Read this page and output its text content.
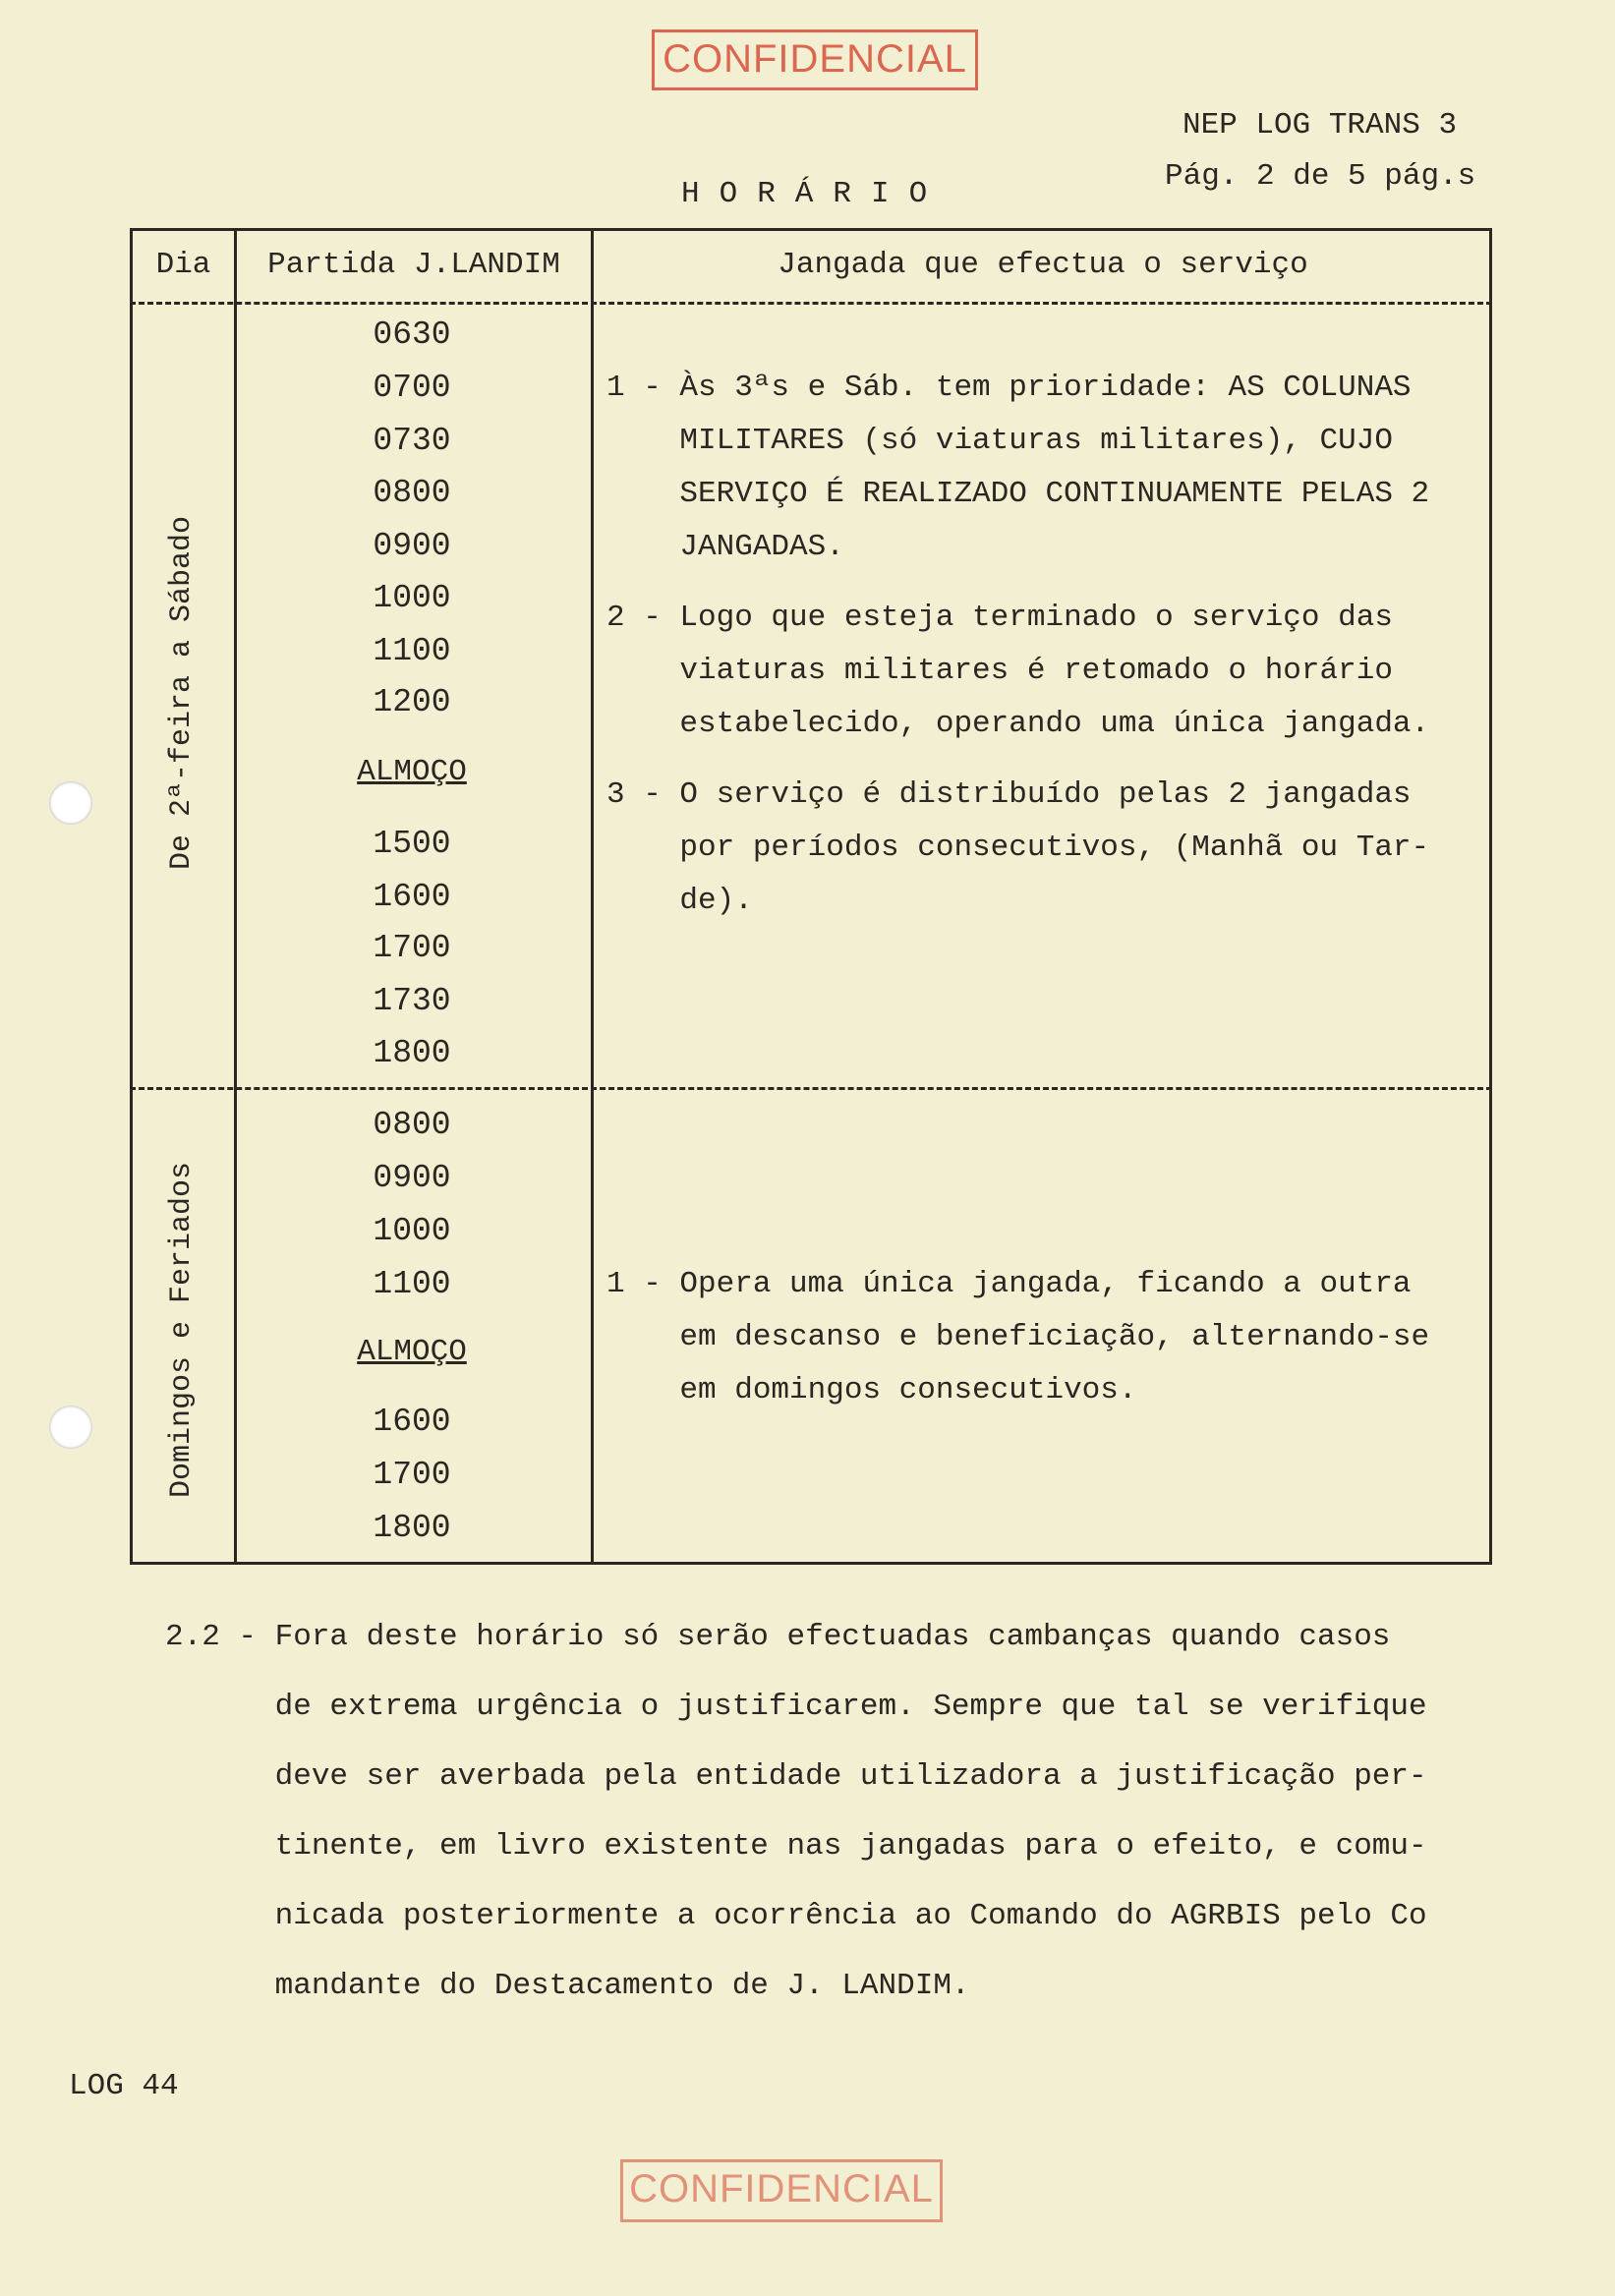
CONFIDENCIAL
CONFIDENCIAL
NEP LOG TRANS 3
Pág. 2 de 5 pág.s
HORÁRIO
Dia	Partida J.LANDIM	Jangada que efectua o serviço
De 2ª-feira a Sábado
0630
0700
0730
0800
0900
1000
1100
1200
ALMOÇO
1500
1600
1700
1730
1800
1 - Às 3ªs e Sáb. tem prioridade: AS COLUNAS
MILITARES (só viaturas militares), CUJO
SERVIÇO É REALIZADO CONTINUAMENTE PELAS 2
JANGADAS.
2 - Logo que esteja terminado o serviço das
viaturas militares é retomado o horário
estabelecido, operando uma única jangada.
3 - O serviço é distribuído pelas 2 jangadas
por períodos consecutivos, (Manhã ou Tar-
de).
Domingos e Feriados
0800
0900
1000
1100
ALMOÇO
1600
1700
1800
1 - Opera uma única jangada, ficando a outra
em descanso e beneficiação, alternando-se
em domingos consecutivos.
2.2 - Fora deste horário só serão efectuadas cambanças quando casos
de extrema urgência o justificarem. Sempre que tal se verifique
deve ser averbada pela entidade utilizadora a justificação per-
tinente, em livro existente nas jangadas para o efeito, e comu-
nicada posteriormente a ocorrência ao Comando do AGRBIS pelo Co
mandante do Destacamento de J. LANDIM.
LOG 44
